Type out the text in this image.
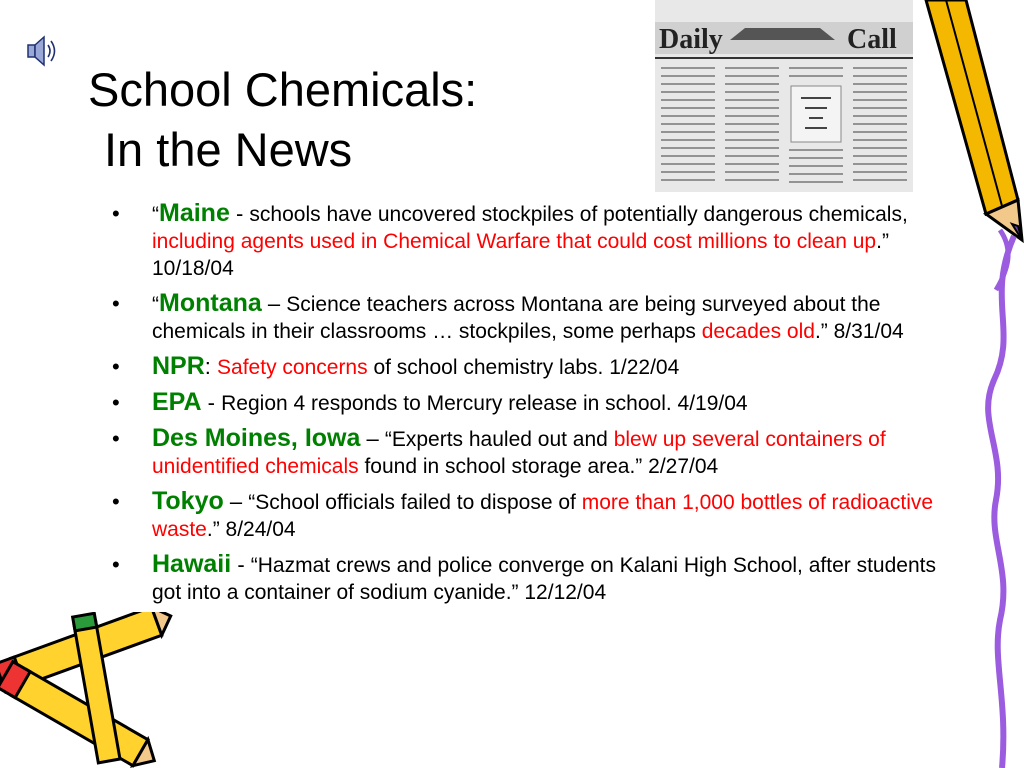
School Chemicals:
In the News
Daily	Call
• “Maine - schools have uncovered stockpiles of potentially dangerous chemicals, including agents used in Chemical Warfare that could cost millions to clean up.” 10/18/04
• “Montana – Science teachers across Montana are being surveyed about the chemicals in their classrooms … stockpiles, some perhaps decades old.” 8/31/04
• NPR: Safety concerns of school chemistry labs. 1/22/04
• EPA - Region 4 responds to Mercury release in school. 4/19/04
• Des Moines, Iowa – “Experts hauled out and blew up several containers of unidentified chemicals found in school storage area.” 2/27/04
• Tokyo – “School officials failed to dispose of more than 1,000 bottles of radioactive waste.” 8/24/04
• Hawaii - “Hazmat crews and police converge on Kalani High School, after students got into a container of sodium cyanide.” 12/12/04
